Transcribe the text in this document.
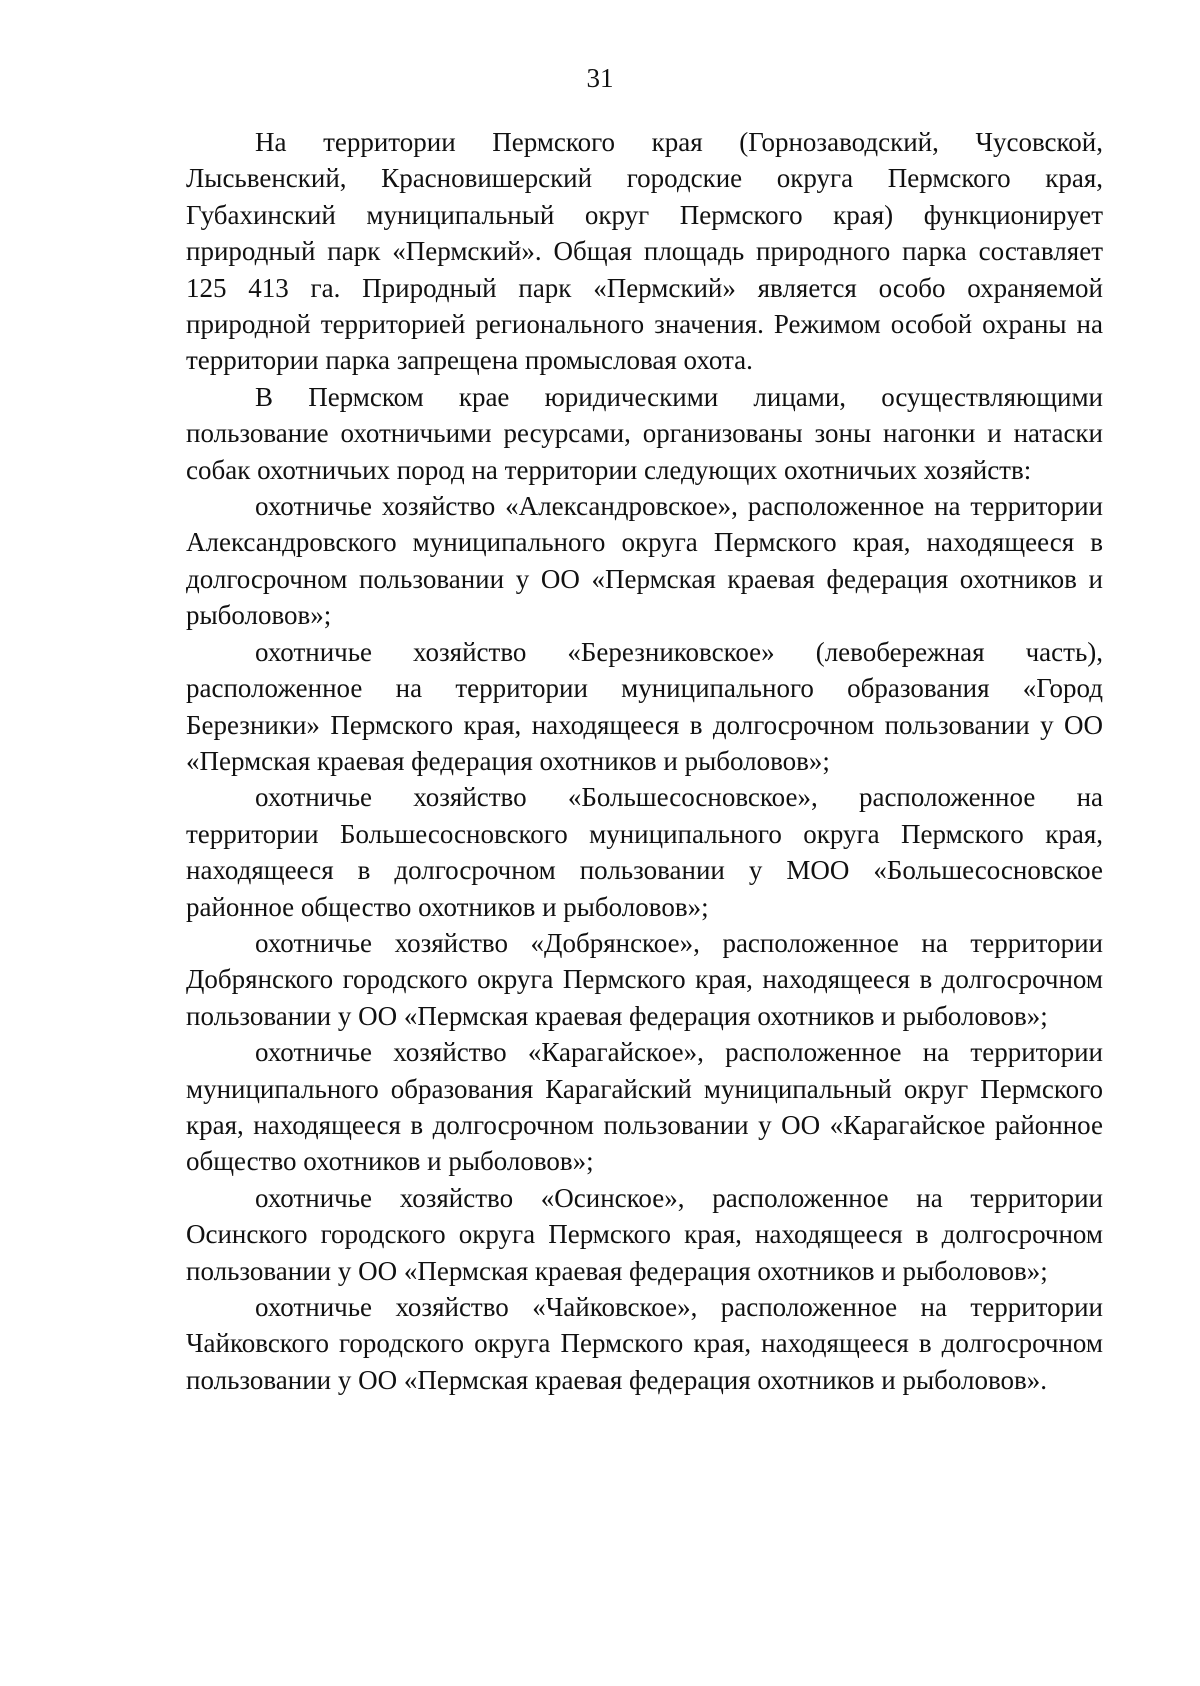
31

На территории Пермского края (Горнозаводский, Чусовской, Лысьвенский, Красновишерский городские округа Пермского края, Губахинский муниципальный округ Пермского края) функционирует природный парк «Пермский». Общая площадь природного парка составляет 125 413 га. Природный парк «Пермский» является особо охраняемой природной территорией регионального значения. Режимом особой охраны на территории парка запрещена промысловая охота.

В Пермском крае юридическими лицами, осуществляющими пользование охотничьими ресурсами, организованы зоны нагонки и натаски собак охотничьих пород на территории следующих охотничьих хозяйств:

охотничье хозяйство «Александровское», расположенное на территории Александровского муниципального округа Пермского края, находящееся в долгосрочном пользовании у ОО «Пермская краевая федерация охотников и рыболовов»;

охотничье хозяйство «Березниковское» (левобережная часть), расположенное на территории муниципального образования «Город Березники» Пермского края, находящееся в долгосрочном пользовании у ОО «Пермская краевая федерация охотников и рыболовов»;

охотничье хозяйство «Большесосновское», расположенное на территории Большесосновского муниципального округа Пермского края, находящееся в долгосрочном пользовании у МОО «Большесосновское районное общество охотников и рыболовов»;

охотничье хозяйство «Добрянское», расположенное на территории Добрянского городского округа Пермского края, находящееся в долгосрочном пользовании у ОО «Пермская краевая федерация охотников и рыболовов»;

охотничье хозяйство «Карагайское», расположенное на территории муниципального образования Карагайский муниципальный округ Пермского края, находящееся в долгосрочном пользовании у ОО «Карагайское районное общество охотников и рыболовов»;

охотничье хозяйство «Осинское», расположенное на территории Осинского городского округа Пермского края, находящееся в долгосрочном пользовании у ОО «Пермская краевая федерация охотников и рыболовов»;

охотничье хозяйство «Чайковское», расположенное на территории Чайковского городского округа Пермского края, находящееся в долгосрочном пользовании у ОО «Пермская краевая федерация охотников и рыболовов».
